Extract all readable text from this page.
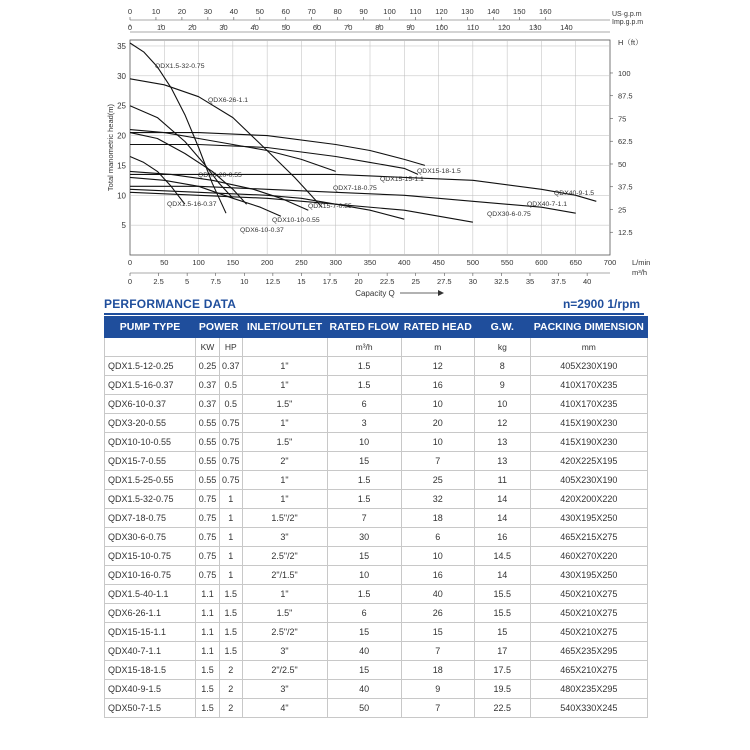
0	10 20 30 40 50 60 70 80 90 100 110 120 130 140 150 160
0	10	20	30	40	50	60	70	80	90	100	110	120 130 140
US·g.p.m
Imp.g.p.m
5
10
15
20
25
30
35
Total manometric head(m)
H（ft）
12.5
25
37.5
50
62.5
75
87.5
100
0	50	100	150	200	250	300	350	400	450	500	550	600	650	700 L/min
0	2.5	5	7.5	10 12.5 15 17.5 20 22.5 25 27.5 30 32.5 35 37.5 40
m³/h
Capacity Q
QDX1.5-32-0.75
QDX6-26-1.1
QDX3-20-0.55
QDX1.5-16-0.37
QDX6-10-0.37
QDX10-10-0.55
QDX15-18-1.5
QDX15-15-1.1
QDX7-18-0.75
QDX15-7-0.55
QDX40-9-1.5
QDX40-7-1.1
QDX30-6-0.75
PERFORMANCE DATA	n=2900 1/rpm
PUMP TYPE	POWER		INLET/OUTLET	RATED FLOW	RATED HEAD	G.W.	PACKING DIMENSION
	KW	HP		m³/h	m	kg	mm
QDX1.5-12-0.25	0.25	0.37	1"	1.5	12	8	405X230X190
QDX1.5-16-0.37	0.37	0.5	1"	1.5	16	9	410X170X235
QDX6-10-0.37	0.37	0.5	1.5"	6	10	10	410X170X235
QDX3-20-0.55	0.55	0.75	1"	3	20	12	415X190X230
QDX10-10-0.55	0.55	0.75	1.5"	10	10	13	415X190X230
QDX15-7-0.55	0.55	0.75	2"	15	7	13	420X225X195
QDX1.5-25-0.55	0.55	0.75	1"	1.5	25	11	405X230X190
QDX1.5-32-0.75	0.75	1	1"	1.5	32	14	420X200X220
QDX7-18-0.75	0.75	1	1.5"/2"	7	18	14	430X195X250
QDX30-6-0.75	0.75	1	3"	30	6	16	465X215X275
QDX15-10-0.75	0.75	1	2.5"/2"	15	10	14.5	460X270X220
QDX10-16-0.75	0.75	1	2"/1.5"	10	16	14	430X195X250
QDX1.5-40-1.1	1.1	1.5	1"	1.5	40	15.5	450X210X275
QDX6-26-1.1	1.1	1.5	1.5"	6	26	15.5	450X210X275
QDX15-15-1.1	1.1	1.5	2.5"/2"	15	15	15	450X210X275
QDX40-7-1.1	1.1	1.5	3"	40	7	17	465X235X295
QDX15-18-1.5	1.5	2	2"/2.5"	15	18	17.5	465X210X275
QDX40-9-1.5	1.5	2	3"	40	9	19.5	480X235X295
QDX50-7-1.5	1.5	2	4"	50	7	22.5	540X330X245
